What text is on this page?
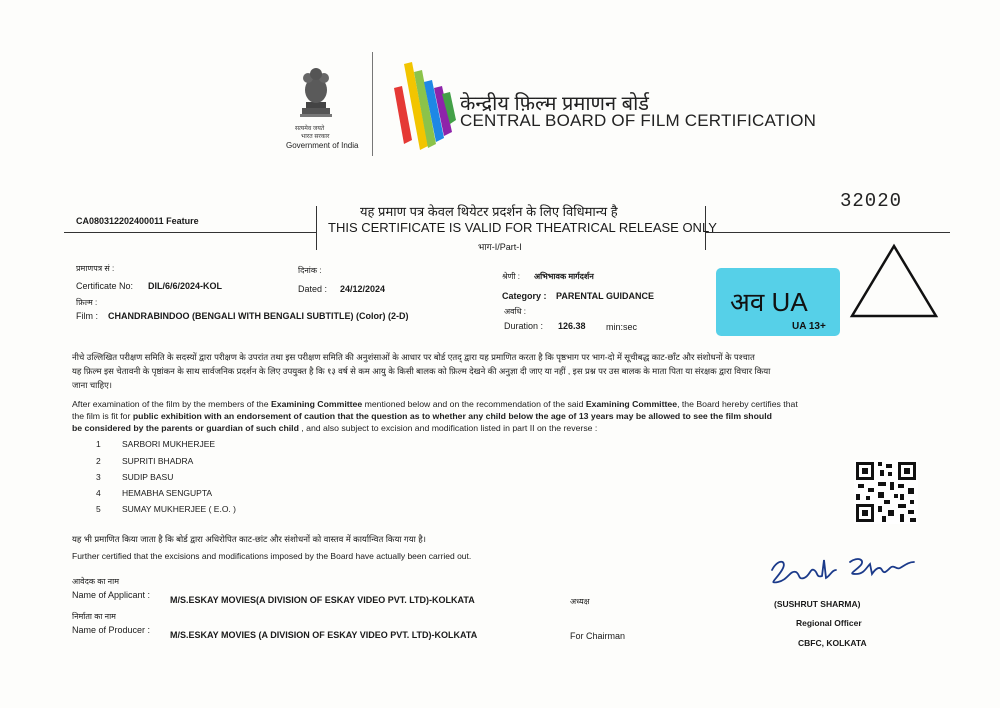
सत्यमेव जयते
भारत सरकार
Government of India
केन्द्रीय फ़िल्म प्रमाणन बोर्ड
CENTRAL BOARD OF FILM CERTIFICATION
32020
CA080312202400011 Feature
यह प्रमाण पत्र केवल थियेटर प्रदर्शन के लिए विधिमान्य है
THIS CERTIFICATE IS VALID FOR THEATRICAL RELEASE ONLY
भाग-I/Part-I
प्रमाणपत्र सं :
Certificate No: DIL/6/6/2024-KOL
दिनांक :
Dated : 24/12/2024
श्रेणी : अभिभावक मार्गदर्शन
Category : PARENTAL GUIDANCE
फ़िल्म :
Film : CHANDRABINDOO (BENGALI WITH BENGALI SUBTITLE) (Color) (2-D)	अवधि :
Duration : 126.38 min:sec
अव UA
UA 13+
नीचे उल्लिखित परीक्षण समिति के सदस्यों द्वारा परीक्षण के उपरांत तथा इस परीक्षण समिति की अनुशंसाओं के आधार पर बोर्ड एतद् द्वारा यह प्रमाणित करता है कि पृष्ठभाग पर भाग-दो में सूचीबद्ध काट-छाँट और संशोधनों के पश्चात
यह फ़िल्म इस चेतावनी के पृष्ठांकन के साथ सार्वजनिक प्रदर्शन के लिए उपयुक्त है कि १३ वर्ष से कम आयु के किसी बालक को फ़िल्म देखने की अनुज्ञा दी जाए या नहीं , इस प्रश्न पर उस बालक के माता पिता या संरक्षक द्वारा विचार किया
जाना चाहिए।
After examination of the film by the members of the Examining Committee mentioned below and on the recommendation of the said Examining Committee, the Board hereby certifies that
the film is fit for public exhibition with an endorsement of caution that the question as to whether any child below the age of 13 years may be allowed to see the film should
be considered by the parents or guardian of such child , and also subject to excision and modification listed in part II on the reverse :
1	SARBORI MUKHERJEE
2	SUPRITI BHADRA
3	SUDIP BASU
4	HEMABHA SENGUPTA
5	SUMAY MUKHERJEE ( E.O. )
यह भी प्रमाणित किया जाता है कि बोर्ड द्वारा अधिरोपित काट-छांट और संशोधनों को वास्तव में कार्यान्वित किया गया है।
Further certified that the excisions and modifications imposed by the Board have actually been carried out.
आवेदक का नाम
Name of Applicant : M/S.ESKAY MOVIES(A DIVISION OF ESKAY VIDEO PVT. LTD)-KOLKATA	अध्यक्ष
निर्माता का नाम
Name of Producer : M/S.ESKAY MOVIES (A DIVISION OF ESKAY VIDEO PVT. LTD)-KOLKATA	For Chairman
(SUSHRUT SHARMA)
Regional Officer
CBFC, KOLKATA
